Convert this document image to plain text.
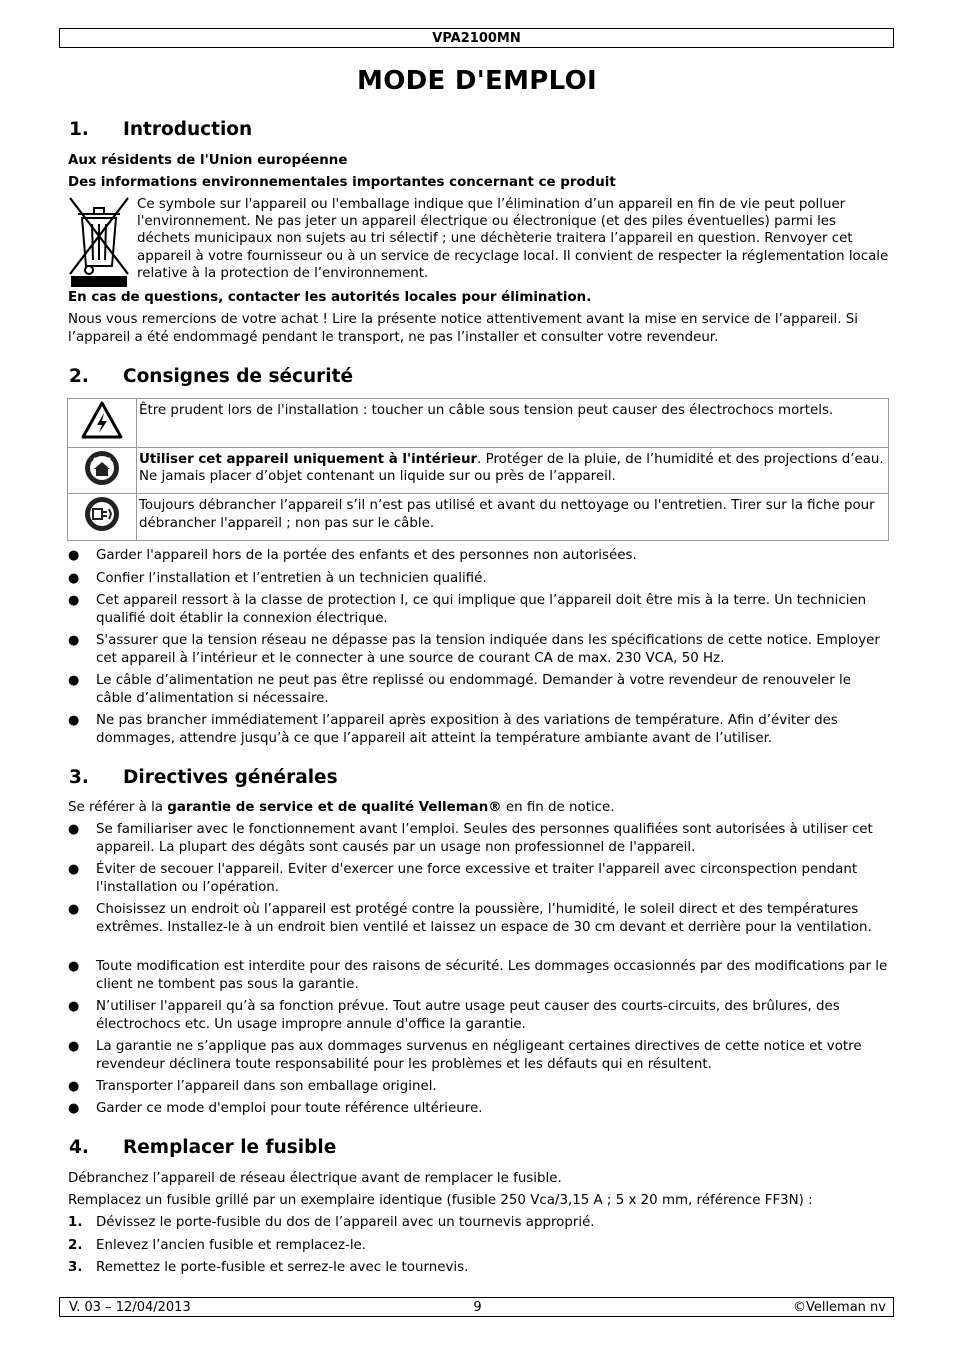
VPA2100MN
MODE D'EMPLOI
1. Introduction
Aux résidents de l'Union européenne
Des informations environnementales importantes concernant ce produit
Ce symbole sur l'appareil ou l'emballage indique que l’élimination d’un appareil en fin de vie peut polluer l'environnement. Ne pas jeter un appareil électrique ou électronique (et des piles éventuelles) parmi les déchets municipaux non sujets au tri sélectif ; une déchèterie traitera l’appareil en question. Renvoyer cet appareil à votre fournisseur ou à un service de recyclage local. Il convient de respecter la réglementation locale relative à la protection de l’environnement.
En cas de questions, contacter les autorités locales pour élimination.
Nous vous remercions de votre achat ! Lire la présente notice attentivement avant la mise en service de l’appareil. Si l’appareil a été endommagé pendant le transport, ne pas l’installer et consulter votre revendeur.
2. Consignes de sécurité
	Être prudent lors de l'installation : toucher un câble sous tension peut causer des électrochocs mortels.
	Utiliser cet appareil uniquement à l'intérieur. Protéger de la pluie, de l’humidité et des projections d’eau. Ne jamais placer d’objet contenant un liquide sur ou près de l’appareil.
	Toujours débrancher l’appareil s’il n’est pas utilisé et avant du nettoyage ou l'entretien. Tirer sur la fiche pour débrancher l'appareil ; non pas sur le câble.
● Garder l'appareil hors de la portée des enfants et des personnes non autorisées.
● Confier l’installation et l’entretien à un technicien qualifié.
● Cet appareil ressort à la classe de protection I, ce qui implique que l’appareil doit être mis à la terre. Un technicien qualifié doit établir la connexion électrique.
● S'assurer que la tension réseau ne dépasse pas la tension indiquée dans les spécifications de cette notice. Employer cet appareil à l’intérieur et le connecter à une source de courant CA de max. 230 VCA, 50 Hz.
● Le câble d’alimentation ne peut pas être replissé ou endommagé. Demander à votre revendeur de renouveler le câble d’alimentation si nécessaire.
● Ne pas brancher immédiatement l’appareil après exposition à des variations de température. Afin d’éviter des dommages, attendre jusqu’à ce que l’appareil ait atteint la température ambiante avant de l’utiliser.
3. Directives générales
Se référer à la garantie de service et de qualité Velleman® en fin de notice.
● Se familiariser avec le fonctionnement avant l’emploi. Seules des personnes qualifiées sont autorisées à utiliser cet appareil. La plupart des dégâts sont causés par un usage non professionnel de l'appareil.
● Éviter de secouer l'appareil. Eviter d'exercer une force excessive et traiter l'appareil avec circonspection pendant l'installation ou l’opération.
● Choisissez un endroit où l’appareil est protégé contre la poussière, l’humidité, le soleil direct et des températures extrêmes. Installez-le à un endroit bien ventilé et laissez un espace de 30 cm devant et derrière pour la ventilation.
● Toute modification est interdite pour des raisons de sécurité. Les dommages occasionnés par des modifications par le client ne tombent pas sous la garantie.
● N’utiliser l'appareil qu’à sa fonction prévue. Tout autre usage peut causer des courts-circuits, des brûlures, des électrochocs etc. Un usage impropre annule d'office la garantie.
● La garantie ne s’applique pas aux dommages survenus en négligeant certaines directives de cette notice et votre revendeur déclinera toute responsabilité pour les problèmes et les défauts qui en résultent.
● Transporter l’appareil dans son emballage originel.
● Garder ce mode d'emploi pour toute référence ultérieure.
4. Remplacer le fusible
Débranchez l’appareil de réseau électrique avant de remplacer le fusible.
Remplacez un fusible grillé par un exemplaire identique (fusible 250 Vca/3,15 A ; 5 x 20 mm, référence FF3N) :
1. Dévissez le porte-fusible du dos de l’appareil avec un tournevis approprié.
2. Enlevez l’ancien fusible et remplacez-le.
3. Remettez le porte-fusible et serrez-le avec le tournevis.
V. 03 – 12/04/2013	9	©Velleman nv
